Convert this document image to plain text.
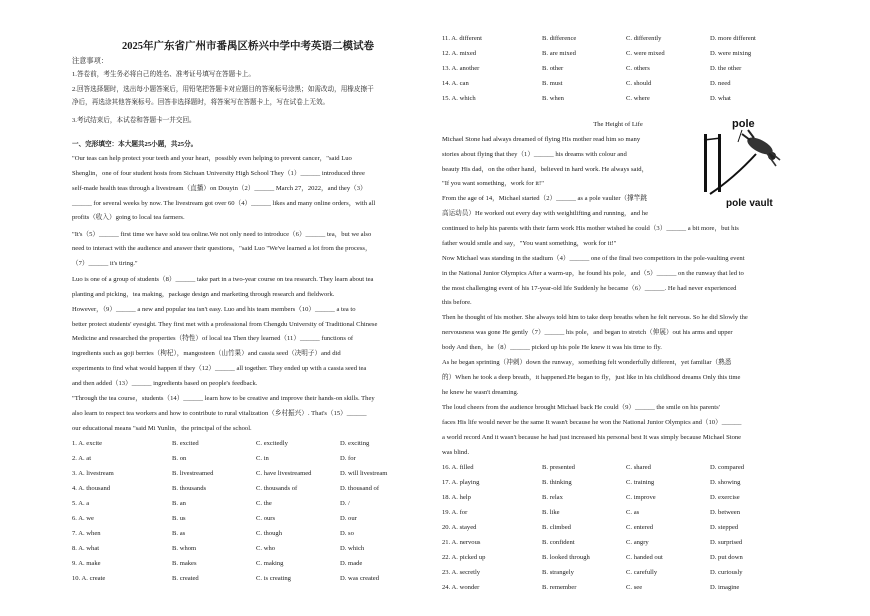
2025年广东省广州市番禺区桥兴中学中考英语二模试卷
注意事项：
1.答卷前，考生务必将自己的姓名、准考证号填写在答题卡上。
2.回答选择题时，选出每小题答案后，用铅笔把答题卡对应题目的答案标号涂黑；如需改动，用橡皮擦干
净后，再选涂其他答案标号。回答非选择题时，将答案写在答题卡上，写在试卷上无效。
3.考试结束后，本试卷和答题卡一并交回。
一、完形填空：本大题共25小题，共25分。
"Our teas can help protect your teeth and your heart，possibly even helping to prevent cancer，"said Luo
Shenglin，one of four student hosts from Sichuan University High School They（1）______ introduced three
self-made health teas through a livestream（直播）on Douyin（2）______ March 27，2022，and they（3）
______ for several weeks by now. The livestream got over 60（4）______ likes and many online orders，with all
profits（收入）going to local tea farmers.
"It's（5）______ first time we have sold tea online.We not only need to introduce（6）______ tea，but we also
need to interact with the audience and answer their questions，"said Luo "We've learned a lot from the process，
（7）______ it's tiring."
Luo is one of a group of students（8）______ take part in a two-year course on tea research. They learn about tea
planting and picking，tea making，package design and marketing through research and fieldwork.
However，（9）______ a new and popular tea isn't easy. Luo and his team members（10）______ a tea to
better protect students' eyesight. They first met with a professional from Chengdu University of Traditional Chinese
Medicine and researched the properties（特性）of local tea Then they learned（11）______ functions of
ingredients such as goji berries（枸杞），mangosteen（山竹果）and cassia seed（决明子）and did
experiments to find what would happen if they（12）______ all together. They ended up with a cassia seed tea
and then added（13）______ ingredients based on people's feedback.
"Through the tea course，students（14）______ learn how to be creative and improve their hands-on skills. They
also learn to respect tea workers and how to contribute to rural vitalization（乡村振兴）. That's（15）______
our educational means "said Mi Yunlin，the principal of the school.
1. A. excite	B. excited	C. excitedly	D. exciting
2. A. at	B. on	C. in	D. for
3. A. livestream	B. livestreamed	C. have livestreamed	D. will livestream
4. A. thousand	B. thousands	C. thousands of	D. thousand of
5. A. a	B. an	C. the	D. /
6. A. we	B. us	C. ours	D. our
7. A. when	B. as	C. though	D. so
8. A. what	B. whom	C. who	D. which
9. A. make	B. makes	C. making	D. made
10. A. create	B. created	C. is creating	D. was created
11. A. different	B. difference	C. differently	D. more different
12. A. mixed	B. are mixed	C. were mixed	D. were mixing
13. A. another	B. other	C. others	D. the other
14. A. can	B. must	C. should	D. need
15. A. which	B. when	C. where	D. what
The Height of Life	pole
pole vault
Michael Stone had always dreamed of flying His mother read him so many
stories about flying that they（1）______ his dreams with colour and
beauty His dad，on the other hand，believed in hard work. He always said，
"If you want something，work for it!"
From the age of 14，Michael started（2）______ as a pole vaulter（撑竿跳
高运动员）He worked out every day with weightlifting and running，and he
continued to help his parents with their farm work His mother wished he could（3）______ a bit more，but his
father would smile and say，"You want something，work for it!"
Now Michael was standing in the stadium（4）______ one of the final two competitors in the pole-vaulting event
in the National Junior Olympics After a warm-up，he found his pole，and（5）______ on the runway that led to
the most challenging event of his 17-year-old life Suddenly he became（6）______. He had never experienced
this before.
Then he thought of his mother. She always told him to take deep breaths when he felt nervous. So he did Slowly the
nervousness was gone He gently（7）______ his pole，and began to stretch（伸展）out his arms and upper
body And then，he（8）______ picked up his pole He knew it was his time to fly.
As he began sprinting（冲刺）down the runway，something felt wonderfully different，yet familiar（熟悉
的）When he took a deep breath，it happened.He began to fly，just like in his childhood dreams Only this time
he knew he wasn't dreaming.
The loud cheers from the audience brought Michael back He could（9）______ the smile on his parents'
faces His life would never be the same It wasn't because he won the National Junior Olympics and（10）______
a world record And it wasn't because he had just increased his personal best It was simply because Michael Stone
was blind.
16. A. filled	B. presented	C. shared	D. compared
17. A. playing	B. thinking	C. training	D. showing
18. A. help	B. relax	C. improve	D. exercise
19. A. for	B. like	C. as	D. between
20. A. stayed	B. climbed	C. entered	D. stepped
21. A. nervous	B. confident	C. angry	D. surprised
22. A. picked up	B. looked through	C. handed out	D. put down
23. A. secretly	B. strangely	C. carefully	D. curiously
24. A. wonder	B. remember	C. see	D. imagine
